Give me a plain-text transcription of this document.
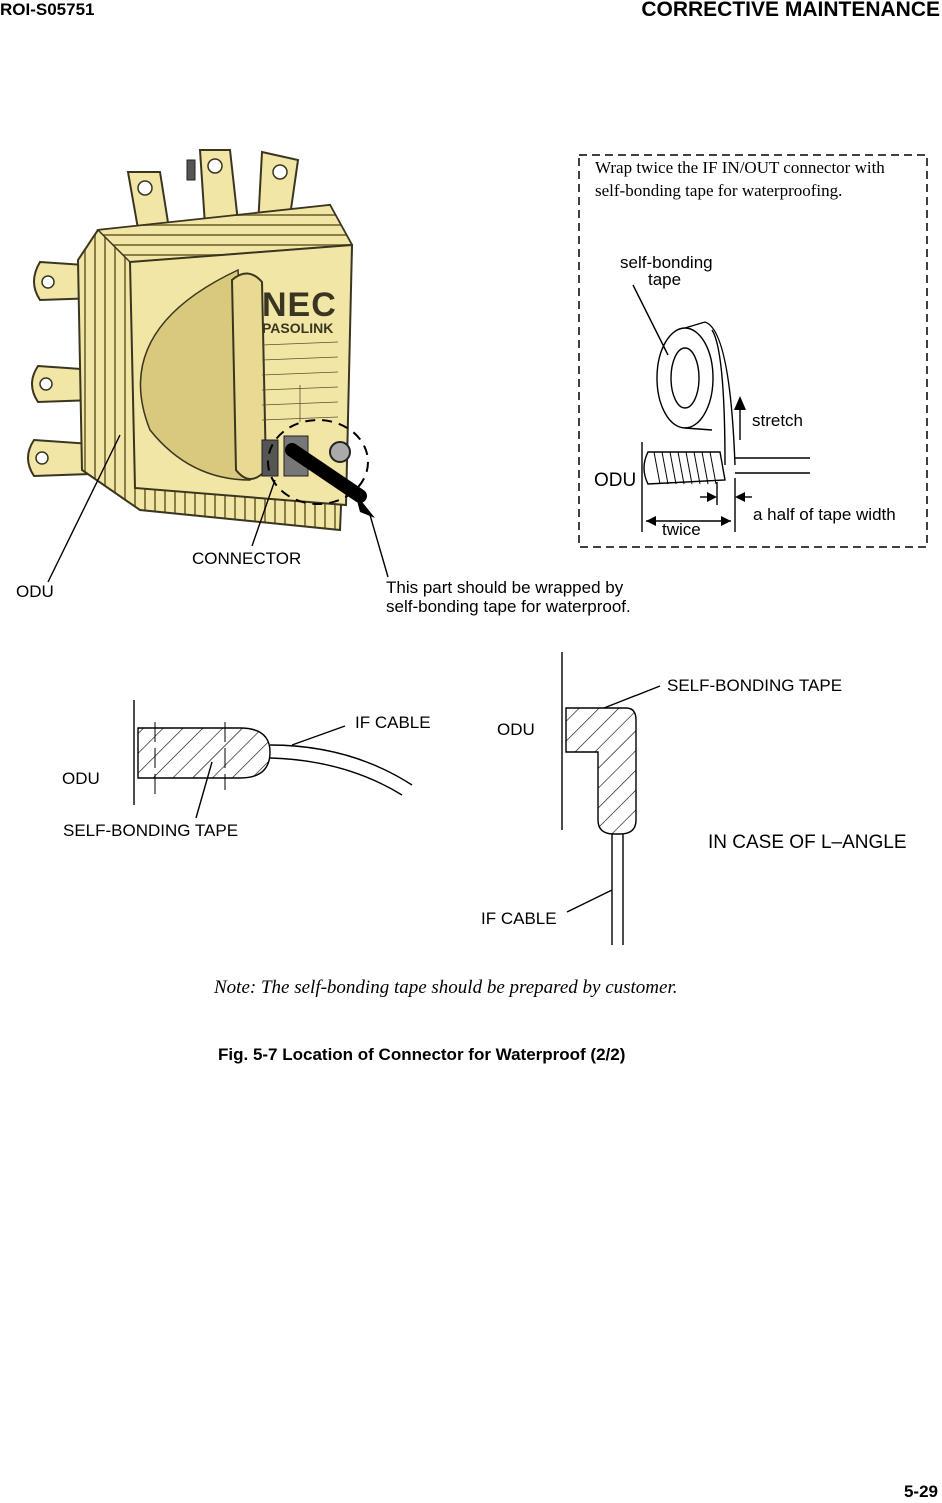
ROI-S05751	CORRECTIVE MAINTENANCE
NEC
PASOLINK
ODU
CONNECTOR
This part should be wrapped by
self-bonding tape for waterproof.
Wrap twice the IF IN/OUT connector with
self-bonding tape for waterproofing.
self-bonding
tape
stretch
ODU
twice
a half of tape width
IF CABLE
ODU
SELF-BONDING TAPE
SELF-BONDING TAPE
ODU
IN CASE OF L–ANGLE
IF CABLE
Note: The self-bonding tape should be prepared by customer.
Fig. 5-7 Location of Connector for Waterproof (2/2)
5-29
